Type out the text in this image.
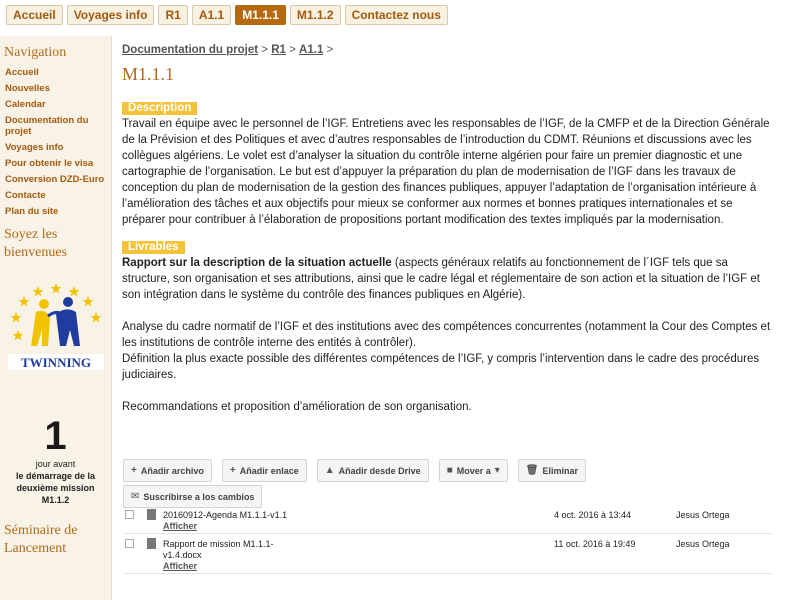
Accueil	Voyages info	R1	A1.1	M1.1.1	M1.1.2	Contactez nous
Navigation
Accueil
Nouvelles
Calendar
Documentation du projet
Voyages info
Pour obtenir le visa
Conversion DZD-Euro
Contacte
Plan du site
Soyez les bienvenues
TWINNING
1
jour avant
le démarrage de la deuxième mission
M1.1.2
Séminaire de Lancement
Documentation du projet > R1 > A1.1 >
M1.1.1
Description
Travail en équipe avec le personnel de l’IGF. Entretiens avec les responsables de l’IGF, de la CMFP et de la Direction Générale de la Prévision et des Politiques et avec d’autres responsables de l’introduction du CDMT. Réunions et discussions avec les collègues algériens. Le volet est d’analyser la situation du contrôle interne algérien pour faire un premier diagnostic et une cartographie de l’organisation. Le but est d’appuyer la préparation du plan de modernisation de l’IGF dans les travaux de conception du plan de modernisation de la gestion des finances publiques, appuyer l’adaptation de l’organisation intérieure à l’amélioration des tâches et aux objectifs pour mieux se conformer aux normes et bonnes pratiques internationales et se préparer pour contribuer à l’élaboration de propositions portant modification des textes impliqués par la modernisation.
Livrables
Rapport sur la description de la situation actuelle (aspects généraux relatifs au fonctionnement de l´IGF tels que sa structure, son organisation et ses attributions, ainsi que le cadre légal et réglementaire de son action et la situation de l’IGF et son intégration dans le système du contrôle des finances publiques en Algérie).
Analyse du cadre normatif de l’IGF et des institutions avec des compétences concurrentes (notamment la Cour des Comptes et les institutions de contrôle interne des entités à contrôler).
Définition la plus exacte possible des différentes compétences de l’IGF, y compris l’intervention dans le cadre des procédures judiciaires.
Recommandations et proposition d’amélioration de son organisation.
+ Añadir archivo	+ Añadir enlace	▲ Añadir desde Drive	■ Mover a ▾	🗑 Eliminar
✉ Suscribirse a los cambios
20160912-Agenda M1.1.1-v1.1
Afficher
4 oct. 2016 à 13:44	Jesus Ortega
Rapport de mission M1.1.1-v1.4.docx
Afficher
11 oct. 2016 à 19:49	Jesus Ortega
